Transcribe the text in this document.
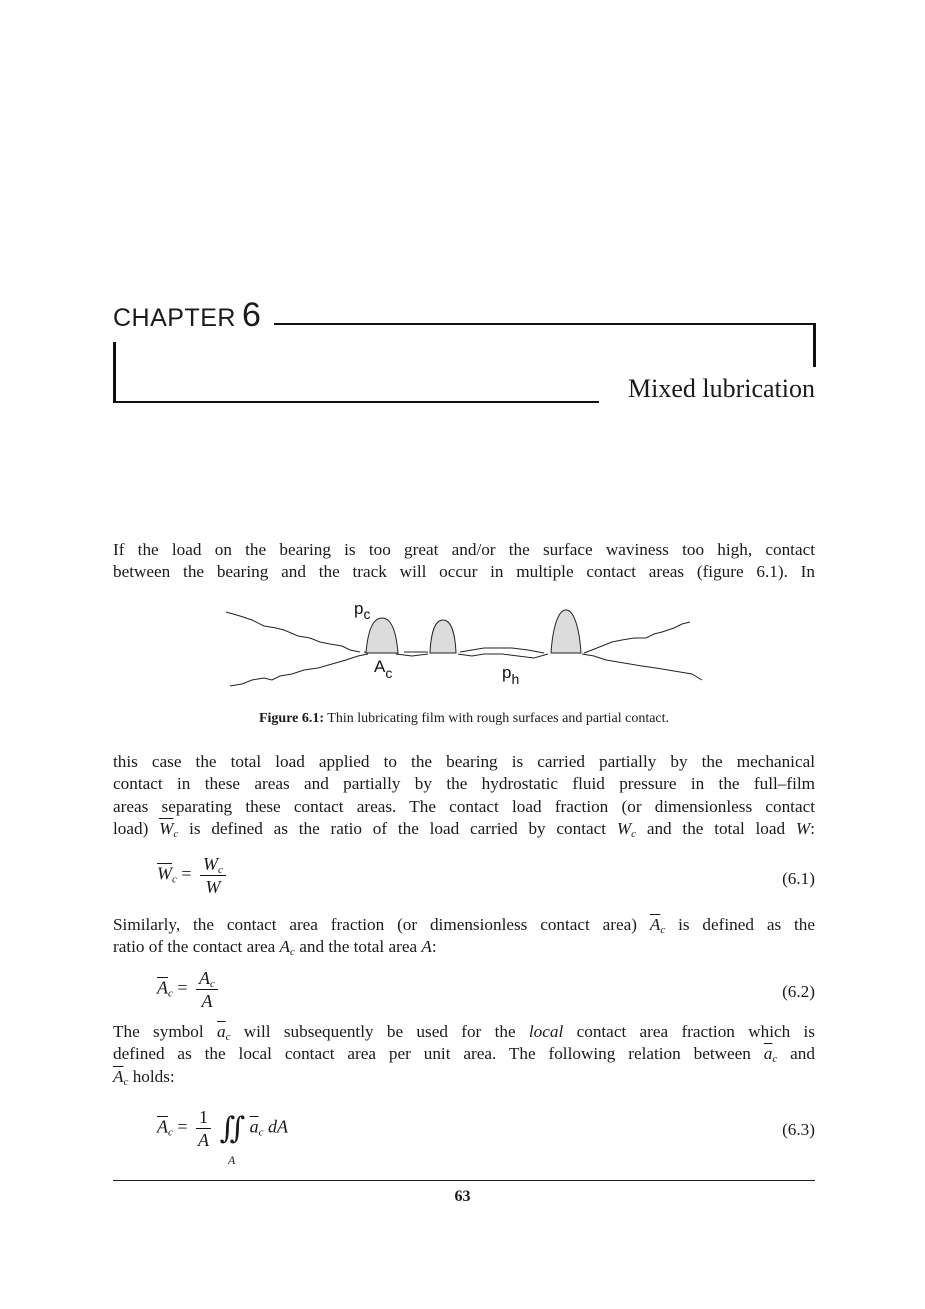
CHAPTER 6
Mixed lubrication
If the load on the bearing is too great and/or the surface waviness too high, contact
between the bearing and the track will occur in multiple contact areas (figure 6.1). In
$p_c$
$A_c$	$p_h$
Figure 6.1: Thin lubricating film with rough surfaces and partial contact.
this case the total load applied to the bearing is carried partially by the mechanical
contact in these areas and partially by the hydrostatic fluid pressure in the full–film
areas separating these contact areas. The contact load fraction (or dimensionless contact
load) $\overline{W}_c$ is defined as the ratio of the load carried by contact $W_c$ and the total load W:
$\overline{W}_c = \frac{W_c}{W}$	(6.1)
Similarly, the contact area fraction (or dimensionless contact area) $\overline{A}_c$ is defined as the
ratio of the contact area $A_c$ and the total area A:
$\overline{A}_c = \frac{A_c}{A}$	(6.2)
The symbol $\overline{a}_c$ will subsequently be used for the local contact area fraction which is
defined as the local contact area per unit area. The following relation between $\overline{a}_c$ and
$\overline{A}_c$ holds:
$\overline{A}_c = \frac{1}{A}$ ∬ $\overline{a}_c$ dA
A
(6.3)
63
